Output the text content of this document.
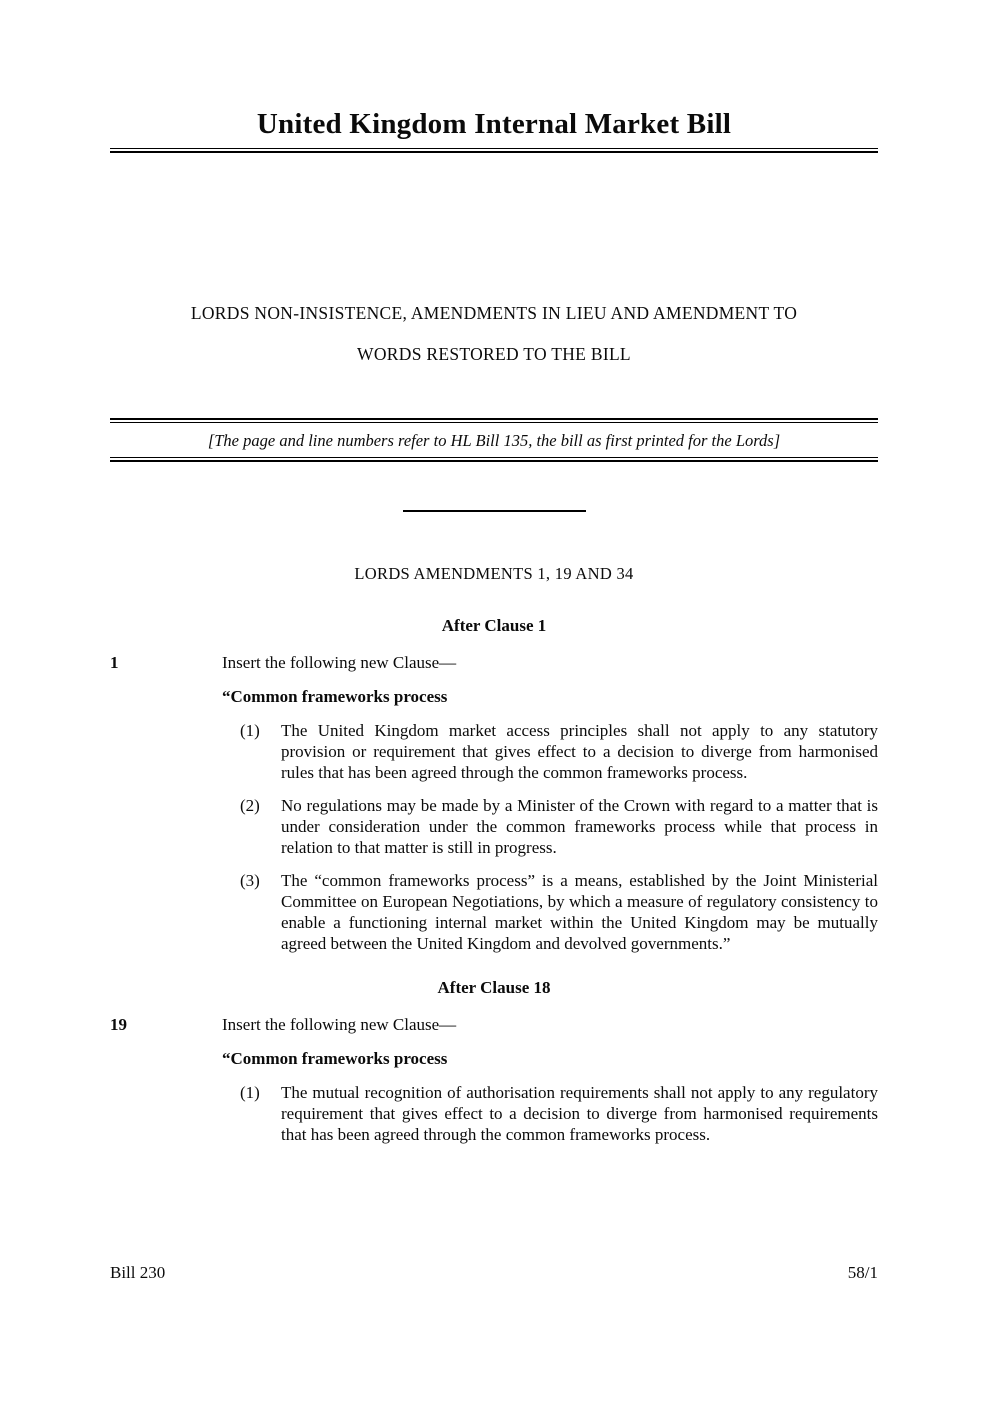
United Kingdom Internal Market Bill
LORDS NON-INSISTENCE, AMENDMENTS IN LIEU AND AMENDMENT TO
WORDS RESTORED TO THE BILL
[The page and line numbers refer to HL Bill 135, the bill as first printed for the Lords]
LORDS AMENDMENTS 1, 19 AND 34
After Clause 1
1	Insert the following new Clause—
“Common frameworks process
(1)	The United Kingdom market access principles shall not apply to any statutory provision or requirement that gives effect to a decision to diverge from harmonised rules that has been agreed through the common frameworks process.
(2)	No regulations may be made by a Minister of the Crown with regard to a matter that is under consideration under the common frameworks process while that process in relation to that matter is still in progress.
(3)	The “common frameworks process” is a means, established by the Joint Ministerial Committee on European Negotiations, by which a measure of regulatory consistency to enable a functioning internal market within the United Kingdom may be mutually agreed between the United Kingdom and devolved governments.”
After Clause 18
19	Insert the following new Clause—
“Common frameworks process
(1)	The mutual recognition of authorisation requirements shall not apply to any regulatory requirement that gives effect to a decision to diverge from harmonised requirements that has been agreed through the common frameworks process.
Bill 230	58/1
